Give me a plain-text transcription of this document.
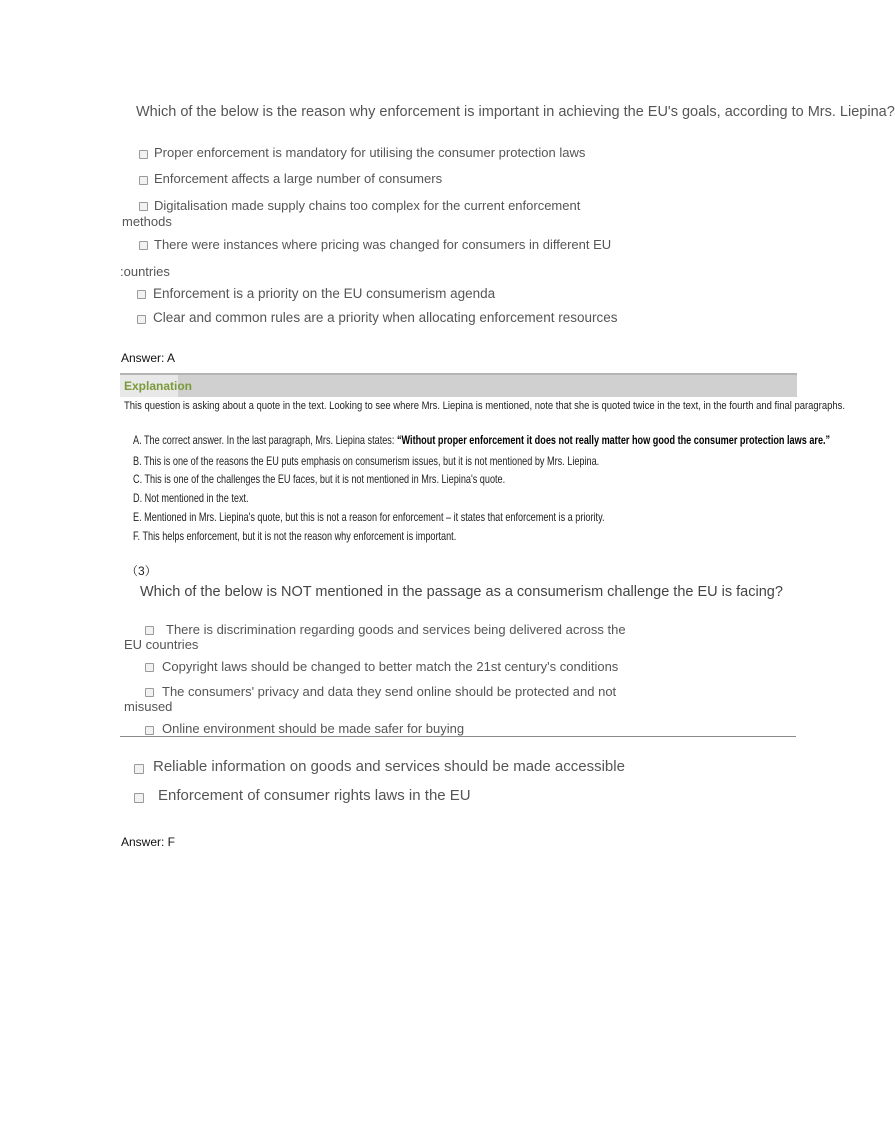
Which of the below is the reason why enforcement is important in achieving the EU's goals, according to Mrs. Liepina?
Proper enforcement is mandatory for utilising the consumer protection laws
Enforcement affects a large number of consumers
Digitalisation made supply chains too complex for the current enforcement
methods
There were instances where pricing was changed for consumers in different EU
:ountries
Enforcement is a priority on the EU consumerism agenda
Clear and common rules are a priority when allocating enforcement resources
Answer: A
Explanation
This question is asking about a quote in the text. Looking to see where Mrs. Liepina is mentioned, note that she is quoted twice in the text, in the fourth and final paragraphs.
A. The correct answer. In the last paragraph, Mrs. Liepina states: “Without proper enforcement it does not really matter how good the consumer protection laws are.”
B. This is one of the reasons the EU puts emphasis on consumerism issues, but it is not mentioned by Mrs. Liepina.
C. This is one of the challenges the EU faces, but it is not mentioned in Mrs. Liepina's quote.
D. Not mentioned in the text.
E. Mentioned in Mrs. Liepina's quote, but this is not a reason for enforcement – it states that enforcement is a priority.
F. This helps enforcement, but it is not the reason why enforcement is important.
（3）
Which of the below is NOT mentioned in the passage as a consumerism challenge the EU is facing?
There is discrimination regarding goods and services being delivered across the
EU countries
Copyright laws should be changed to better match the 21st century's conditions
The consumers' privacy and data they send online should be protected and not
misused
Online environment should be made safer for buying
Reliable information on goods and services should be made accessible
Enforcement of consumer rights laws in the EU
Answer: F
